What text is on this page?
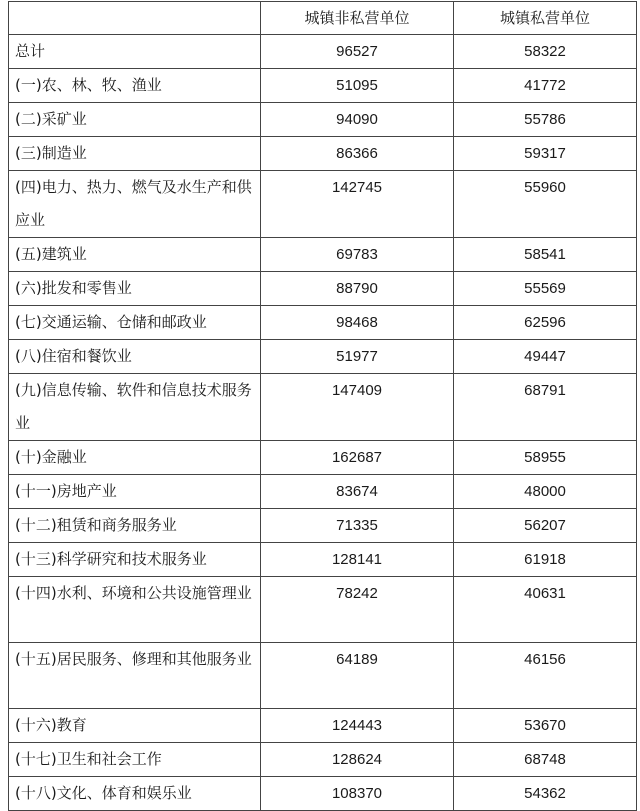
	城镇非私营单位	城镇私营单位
总计	96527	58322
(一)农、林、牧、渔业	51095	41772
(二)采矿业	94090	55786
(三)制造业	86366	59317
(四)电力、热力、燃气及水生产和供应业	142745	55960
(五)建筑业	69783	58541
(六)批发和零售业	88790	55569
(七)交通运输、仓储和邮政业	98468	62596
(八)住宿和餐饮业	51977	49447
(九)信息传输、软件和信息技术服务业	147409	68791
(十)金融业	162687	58955
(十一)房地产业	83674	48000
(十二)租赁和商务服务业	71335	56207
(十三)科学研究和技术服务业	128141	61918
(十四)水利、环境和公共设施管理业	78242	40631
(十五)居民服务、修理和其他服务业	64189	46156
(十六)教育	124443	53670
(十七)卫生和社会工作	128624	68748
(十八)文化、体育和娱乐业	108370	54362
